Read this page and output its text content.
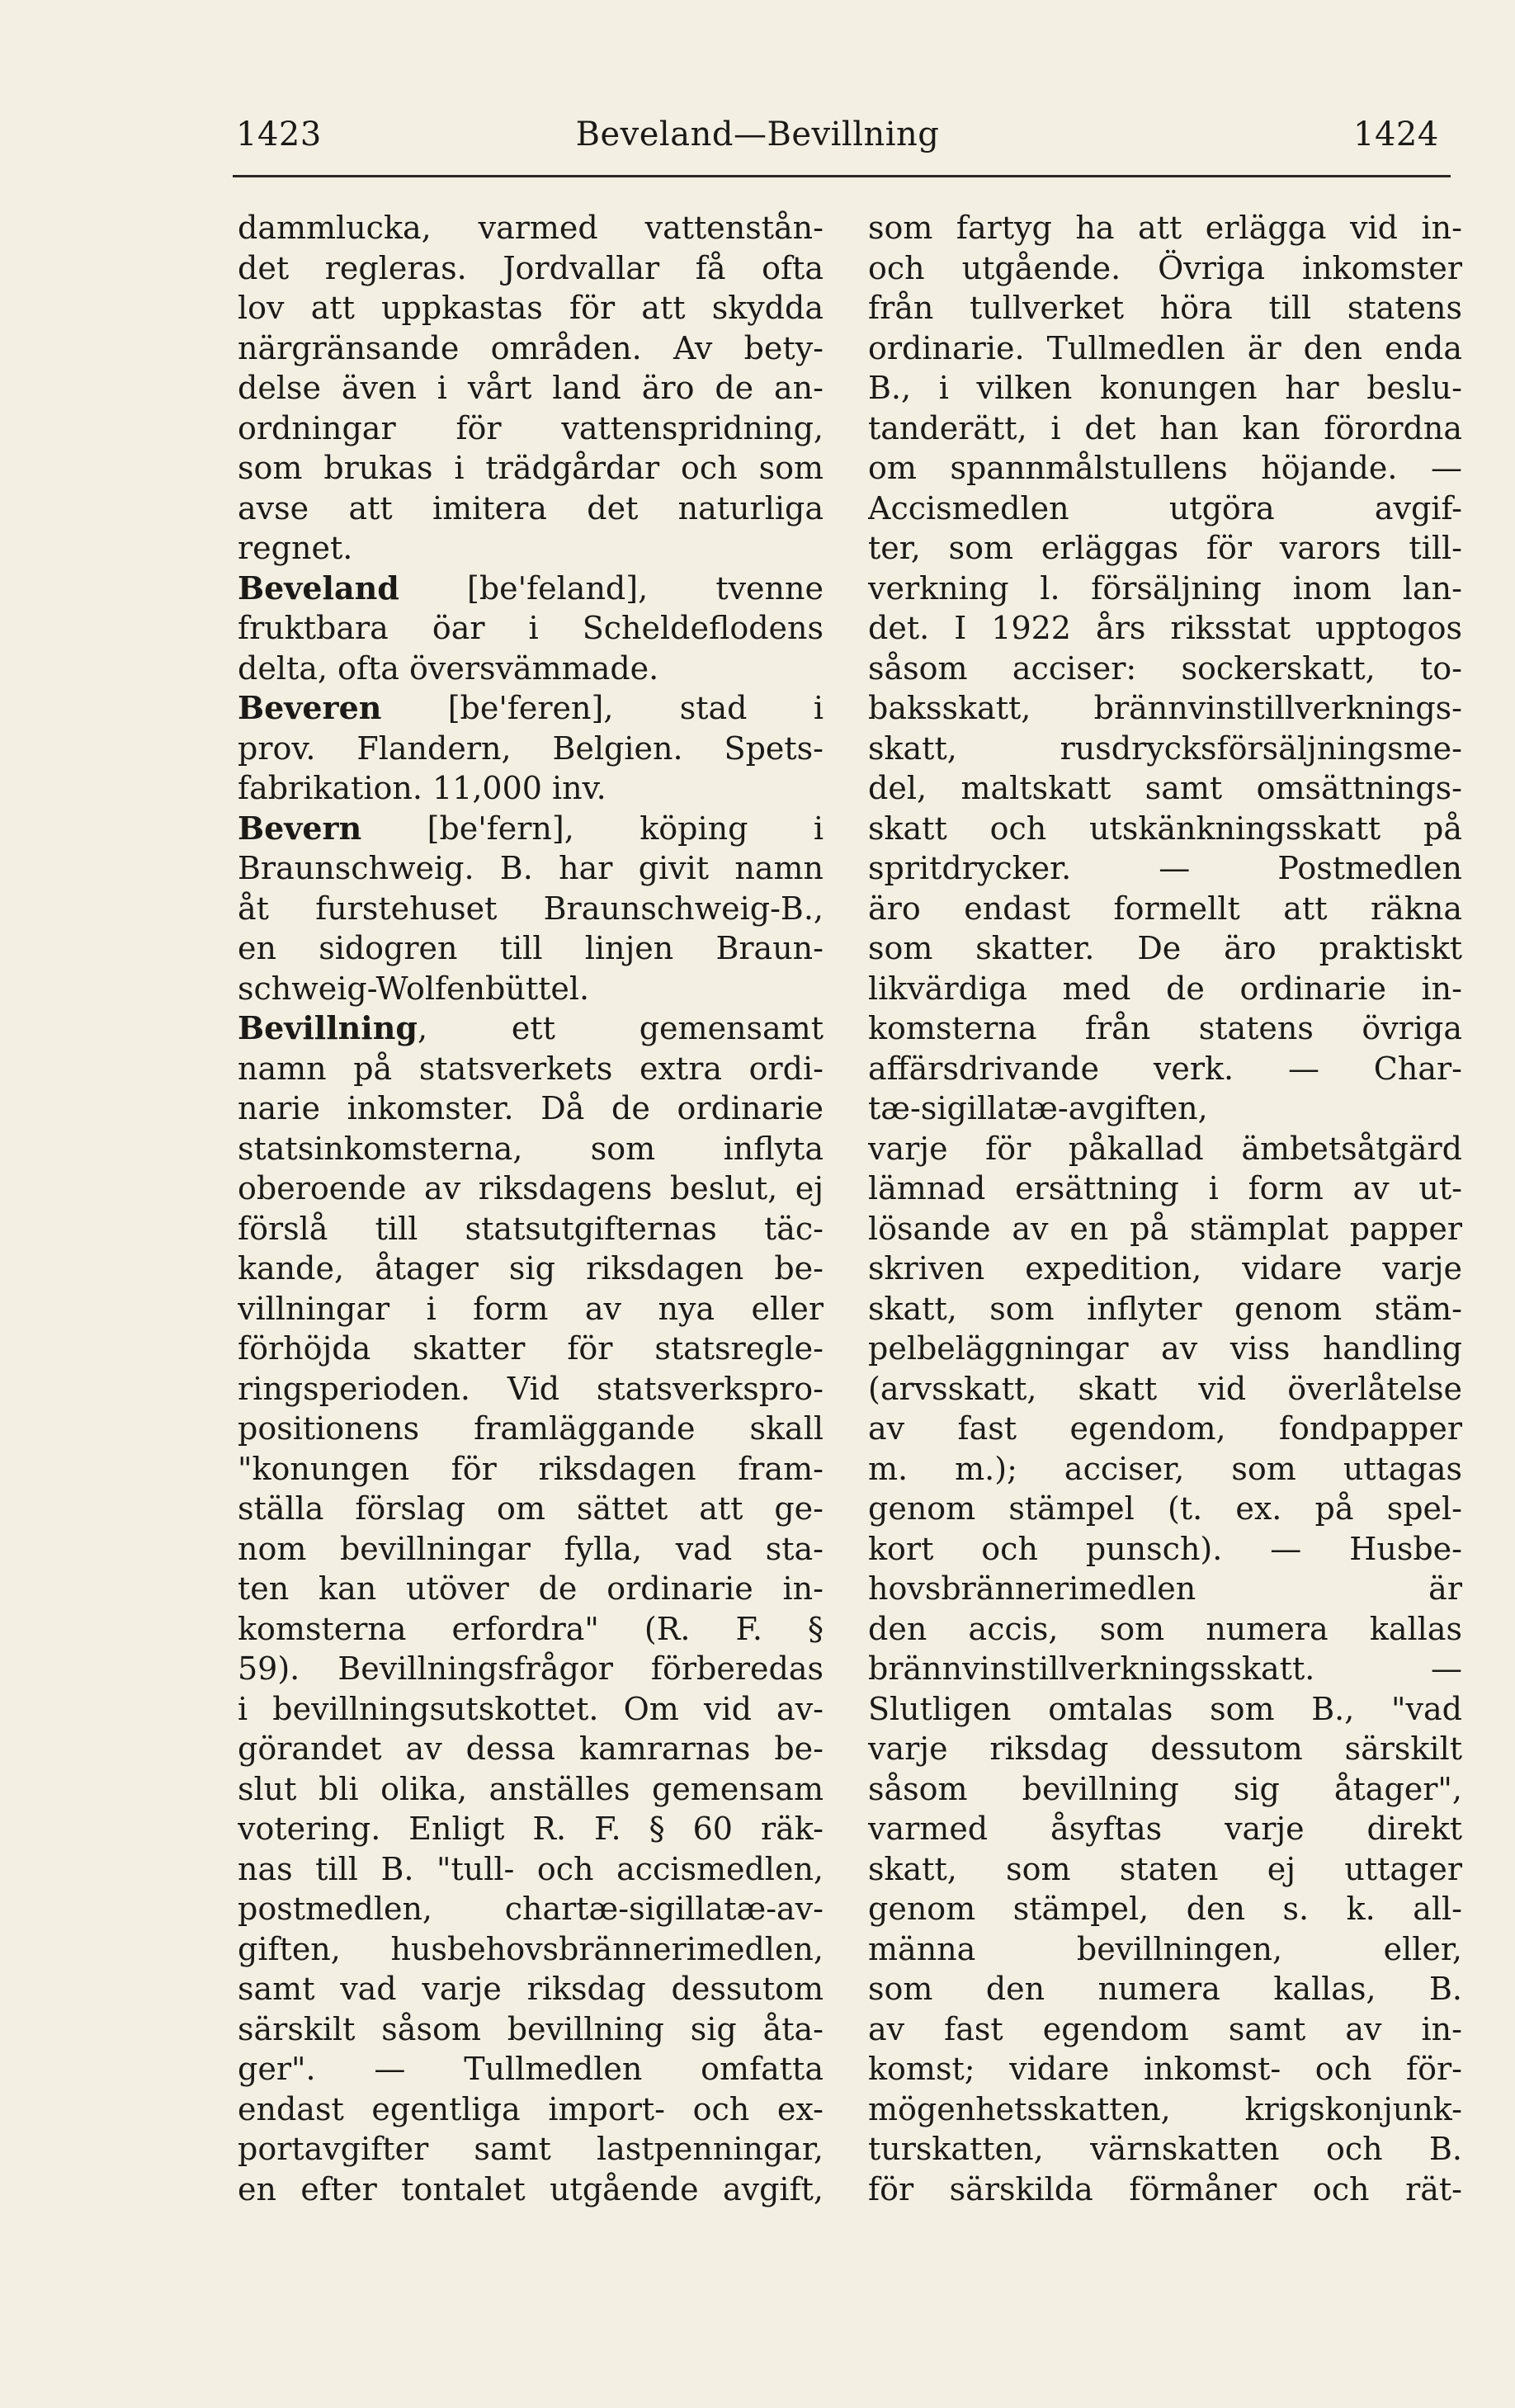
1423	Beveland—Bevillning	1424
dammlucka, varmed vattenstån-
det regleras. Jordvallar få ofta
lov att uppkastas för att skydda
närgränsande områden. Av bety-
delse även i vårt land äro de an-
ordningar för vattenspridning,
som brukas i trädgårdar och som
avse att imitera det naturliga
regnet.
Beveland [be'feland], tvenne
fruktbara öar i Scheldeflodens
delta, ofta översvämmade.
Beveren [be'feren], stad i
prov. Flandern, Belgien. Spets-
fabrikation. 11,000 inv.
Bevern [be'fern], köping i
Braunschweig. B. har givit namn
åt furstehuset Braunschweig-B.,
en sidogren till linjen Braun-
schweig-Wolfenbüttel.
Bevillning, ett gemensamt
namn på statsverkets extra ordi-
narie inkomster. Då de ordinarie
statsinkomsterna, som inflyta
oberoende av riksdagens beslut, ej
förslå till statsutgifternas täc-
kande, åtager sig riksdagen be-
villningar i form av nya eller
förhöjda skatter för statsregle-
ringsperioden. Vid statsverkspro-
positionens framläggande skall
"konungen för riksdagen fram-
ställa förslag om sättet att ge-
nom bevillningar fylla, vad sta-
ten kan utöver de ordinarie in-
komsterna erfordra" (R. F. §
59). Bevillningsfrågor förberedas
i bevillningsutskottet. Om vid av-
görandet av dessa kamrarnas be-
slut bli olika, anställes gemensam
votering. Enligt R. F. § 60 räk-
nas till B. "tull- och accismedlen,
postmedlen, chartæ-sigillatæ-av-
giften, husbehovsbrännerimedlen,
samt vad varje riksdag dessutom
särskilt såsom bevillning sig åta-
ger". — Tullmedlen omfatta
endast egentliga import- och ex-
portavgifter samt lastpenningar,
en efter tontalet utgående avgift,
som fartyg ha att erlägga vid in-
och utgående. Övriga inkomster
från tullverket höra till statens
ordinarie. Tullmedlen är den enda
B., i vilken konungen har beslu-
tanderätt, i det han kan förordna
om spannmålstullens höjande. —
Accismedlen utgöra avgif-
ter, som erläggas för varors till-
verkning l. försäljning inom lan-
det. I 1922 års riksstat upptogos
såsom acciser: sockerskatt, to-
baksskatt, brännvinstillverknings-
skatt, rusdrycksförsäljningsme-
del, maltskatt samt omsättnings-
skatt och utskänkningsskatt på
spritdrycker. — Postmedlen
äro endast formellt att räkna
som skatter. De äro praktiskt
likvärdiga med de ordinarie in-
komsterna från statens övriga
affärsdrivande verk. — Char-
tæ-sigillatæ-avgiften,
varje för påkallad ämbetsåtgärd
lämnad ersättning i form av ut-
lösande av en på stämplat papper
skriven expedition, vidare varje
skatt, som inflyter genom stäm-
pelbeläggningar av viss handling
(arvsskatt, skatt vid överlåtelse
av fast egendom, fondpapper
m. m.); acciser, som uttagas
genom stämpel (t. ex. på spel-
kort och punsch). — Husbe-
hovsbrännerimedlen är
den accis, som numera kallas
brännvinstillverkningsskatt. —
Slutligen omtalas som B., "vad
varje riksdag dessutom särskilt
såsom bevillning sig åtager",
varmed åsyftas varje direkt
skatt, som staten ej uttager
genom stämpel, den s. k. all-
männa bevillningen, eller,
som den numera kallas, B.
av fast egendom samt av in-
komst; vidare inkomst- och för-
mögenhetsskatten, krigskonjunk-
turskatten, värnskatten och B.
för särskilda förmåner och rät-
